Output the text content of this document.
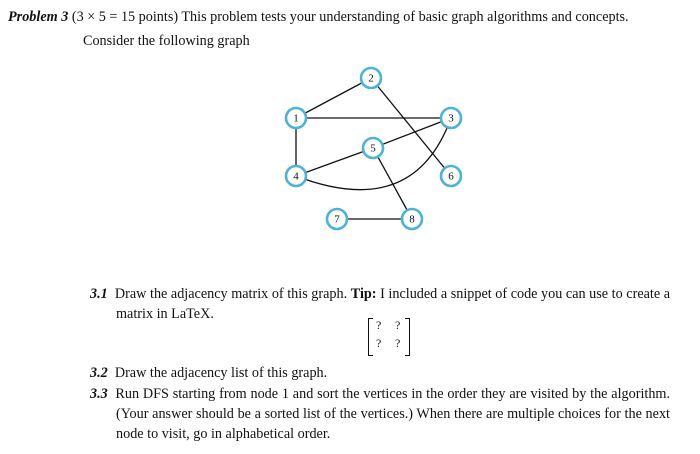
Problem 3 (3 × 5 = 15 points) This problem tests your understanding of basic graph algorithms and concepts.
Consider the following graph
1
2
3
4
5
6
7	8
3.1 Draw the adjacency matrix of this graph. Tip: I included a snippet of code you can use to create a matrix in LaTeX.
? ?
? ?
3.2 Draw the adjacency list of this graph.
3.3 Run DFS starting from node 1 and sort the vertices in the order they are visited by the algorithm. (Your answer should be a sorted list of the vertices.) When there are multiple choices for the next node to visit, go in alphabetical order.
